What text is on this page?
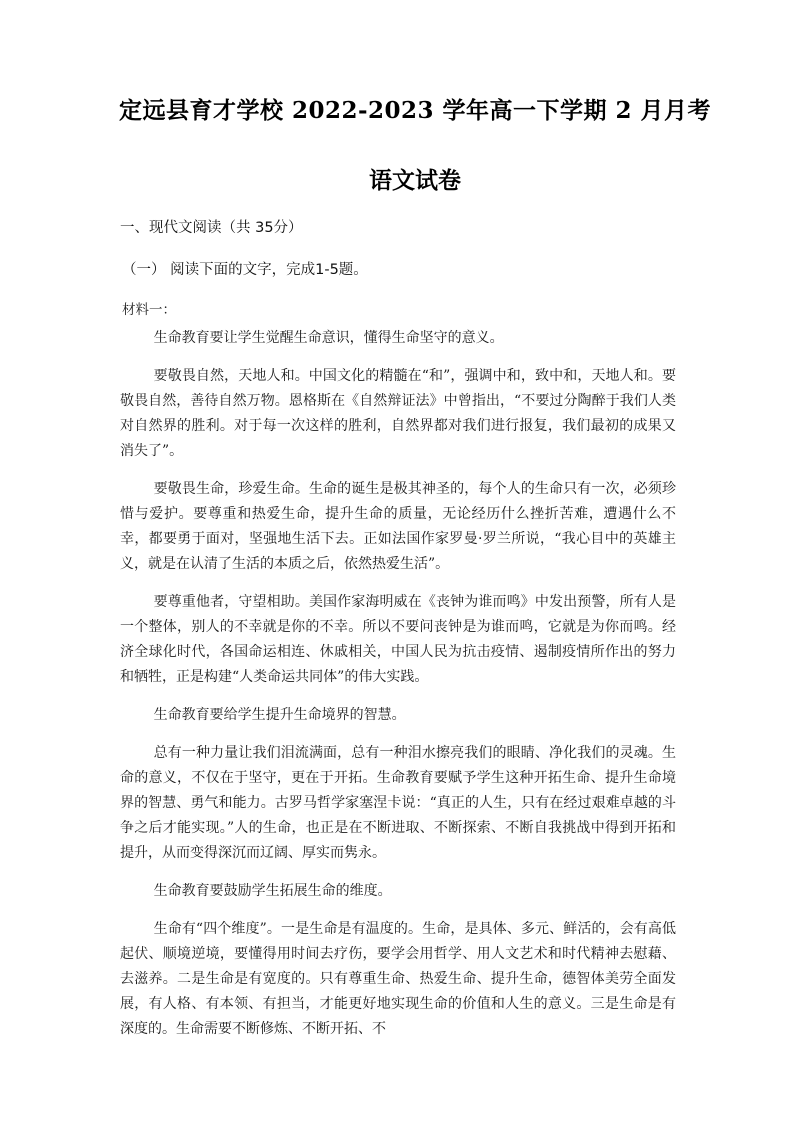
定远县育才学校 2022-2023 学年高一下学期 2 月月考
语文试卷
一、现代文阅读（共 35分）
（一） 阅读下面的文字，完成1-5题。
材料一：

生命教育要让学生觉醒生命意识，懂得生命坚守的意义。

要敬畏自然，天地人和。中国文化的精髓在“和”，强调中和，致中和，天地人和。要敬畏自然，善待自然万物。恩格斯在《自然辩证法》中曾指出，“不要过分陶醉于我们人类对自然界的胜利。对于每一次这样的胜利，自然界都对我们进行报复，我们最初的成果又消失了”。

要敬畏生命，珍爱生命。生命的诞生是极其神圣的，每个人的生命只有一次，必须珍惜与爱护。要尊重和热爱生命，提升生命的质量，无论经历什么挫折苦难，遭遇什么不幸，都要勇于面对，坚强地生活下去。正如法国作家罗曼·罗兰所说，“我心目中的英雄主义，就是在认清了生活的本质之后，依然热爱生活”。

要尊重他者，守望相助。美国作家海明威在《丧钟为谁而鸣》中发出预警，所有人是一个整体，别人的不幸就是你的不幸。所以不要问丧钟是为谁而鸣，它就是为你而鸣。经济全球化时代，各国命运相连、休戚相关，中国人民为抗击疫情、遏制疫情所作出的努力和牺牲，正是构建“人类命运共同体”的伟大实践。

生命教育要给学生提升生命境界的智慧。

总有一种力量让我们泪流满面，总有一种泪水擦亮我们的眼睛、净化我们的灵魂。生命的意义，不仅在于坚守，更在于开拓。生命教育要赋予学生这种开拓生命、提升生命境界的智慧、勇气和能力。古罗马哲学家塞涅卡说：“真正的人生，只有在经过艰难卓越的斗争之后才能实现。”人的生命，也正是在不断进取、不断探索、不断自我挑战中得到开拓和提升，从而变得深沉而辽阔、厚实而隽永。

生命教育要鼓励学生拓展生命的维度。

生命有“四个维度”。一是生命是有温度的。生命，是具体、多元、鲜活的，会有高低起伏、顺境逆境，要懂得用时间去疗伤，要学会用哲学、用人文艺术和时代精神去慰藉、去滋养。二是生命是有宽度的。只有尊重生命、热爱生命、提升生命，德智体美劳全面发展，有人格、有本领、有担当，才能更好地实现生命的价值和人生的意义。三是生命是有深度的。生命需要不断修炼、不断开拓、不
